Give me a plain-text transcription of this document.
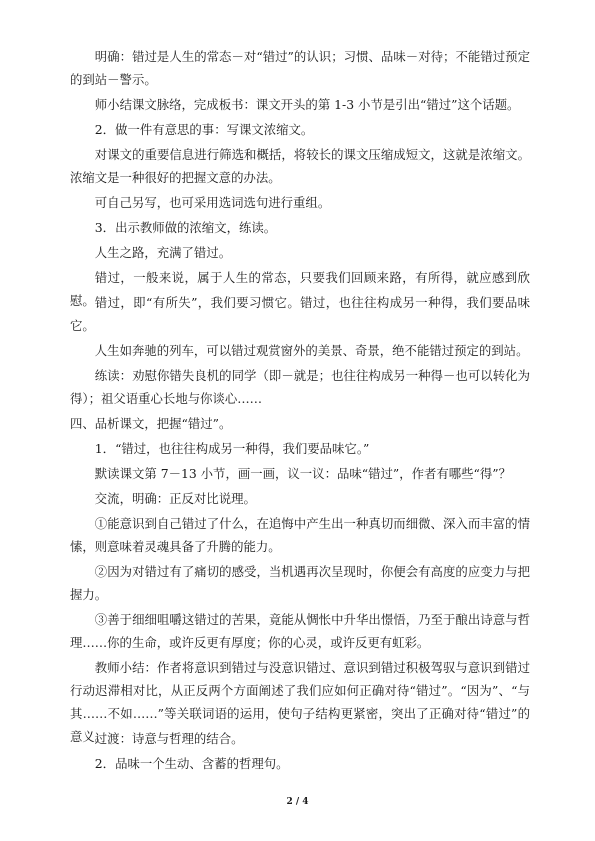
明确：错过是人生的常态－对“错过”的认识；习惯、品味－对待；不能错过预定的到站－警示。
师小结课文脉络，完成板书：课文开头的第 1-3 小节是引出“错过”这个话题。
2．做一件有意思的事：写课文浓缩文。
对课文的重要信息进行筛选和概括，将较长的课文压缩成短文，这就是浓缩文。浓缩文是一种很好的把握文意的办法。
可自己另写，也可采用选词选句进行重组。
3．出示教师做的浓缩文，练读。
人生之路，充满了错过。
错过，一般来说，属于人生的常态，只要我们回顾来路，有所得，就应感到欣慰。 错过，即“有所失”，我们要习惯它。错过，也往往构成另一种得，我们要品味它。
人生如奔驰的列车，可以错过观赏窗外的美景、奇景，绝不能错过预定的到站。
练读：劝慰你错失良机的同学（即－就是；也往往构成另一种得－也可以转化为得）；祖父语重心长地与你谈心……
四、品析课文，把握“错过”。
1．“错过，也往往构成另一种得，我们要品味它。”
默读课文第 7－13 小节，画一画，议一议：品味“错过”，作者有哪些“得”？
交流，明确：正反对比说理。
①能意识到自己错过了什么，在追悔中产生出一种真切而细微、深入而丰富的情愫，则意味着灵魂具备了升腾的能力。
②因为对错过有了痛切的感受，当机遇再次呈现时，你便会有高度的应变力与把握力。
③善于细细咀嚼这错过的苦果，竟能从惆怅中升华出憬悟，乃至于酿出诗意与哲理……你的生命，或许反更有厚度；你的心灵，或许反更有虹彩。
教师小结：作者将意识到错过与没意识错过、意识到错过积极驾驭与意识到错过行动迟滞相对比，从正反两个方面阐述了我们应如何正确对待“错过”。“因为”、“与其……不如……”等关联词语的运用，使句子结构更紧密，突出了正确对待“错过”的意义。
过渡：诗意与哲理的结合。
2．品味一个生动、含蓄的哲理句。
2 / 4
